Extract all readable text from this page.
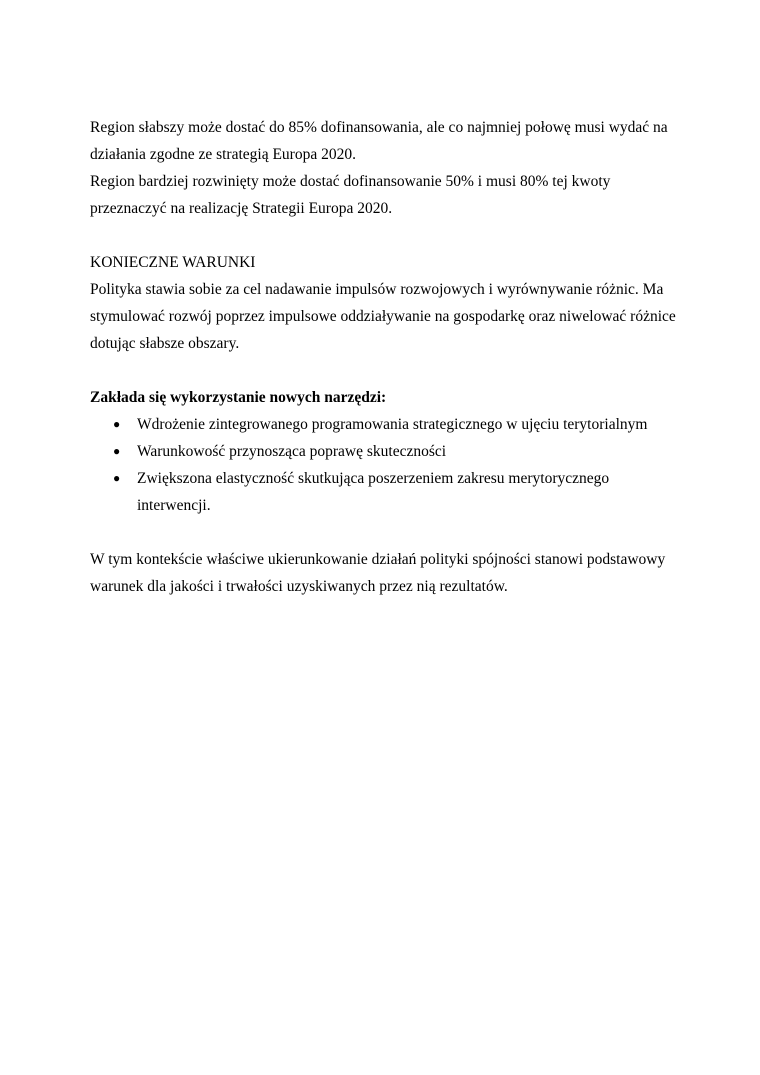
Region słabszy może dostać do 85% dofinansowania, ale co najmniej połowę musi wydać na

działania zgodne ze strategią Europa 2020.

Region bardziej rozwinięty może dostać dofinansowanie 50% i musi 80% tej kwoty

przeznaczyć na realizację Strategii Europa 2020.

KONIECZNE WARUNKI

Polityka stawia sobie za cel nadawanie impulsów rozwojowych i wyrównywanie różnic. Ma

stymulować rozwój poprzez impulsowe oddziaływanie na gospodarkę oraz niwelować różnice

dotując słabsze obszary.

Zakłada się wykorzystanie nowych narzędzi:

● Wdrożenie zintegrowanego programowania strategicznego w ujęciu terytorialnym
● Warunkowość przynosząca poprawę skuteczności
● Zwiększona elastyczność skutkująca poszerzeniem zakresu merytorycznego
interwencji.

W tym kontekście właściwe ukierunkowanie działań polityki spójności stanowi podstawowy

warunek dla jakości i trwałości uzyskiwanych przez nią rezultatów.
